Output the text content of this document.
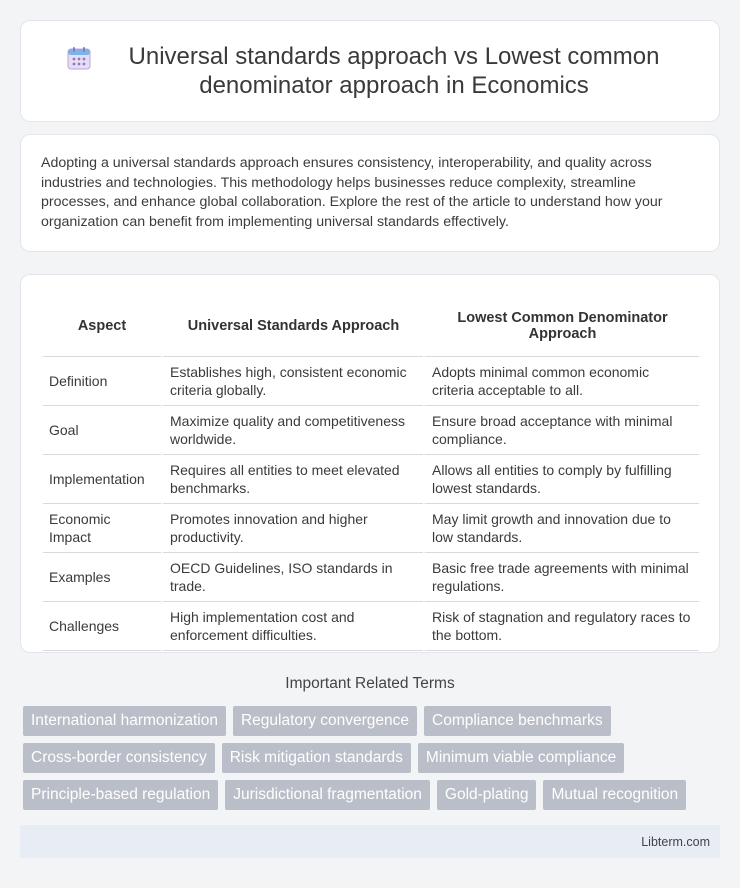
Universal standards approach vs Lowest common denominator approach in Economics

Adopting a universal standards approach ensures consistency, interoperability, and quality across industries and technologies. This methodology helps businesses reduce complexity, streamline processes, and enhance global collaboration. Explore the rest of the article to understand how your organization can benefit from implementing universal standards effectively.

Aspect	Universal Standards Approach	Lowest Common Denominator Approach
Definition	Establishes high, consistent economic criteria globally.	Adopts minimal common economic criteria acceptable to all.
Goal	Maximize quality and competitiveness worldwide.	Ensure broad acceptance with minimal compliance.
Implementation	Requires all entities to meet elevated benchmarks.	Allows all entities to comply by fulfilling lowest standards.
Economic Impact	Promotes innovation and higher productivity.	May limit growth and innovation due to low standards.
Examples	OECD Guidelines, ISO standards in trade.	Basic free trade agreements with minimal regulations.
Challenges	High implementation cost and enforcement difficulties.	Risk of stagnation and regulatory races to the bottom.
Important Related Terms
International harmonization	Regulatory convergence	Compliance benchmarks
Cross-border consistency	Risk mitigation standards	Minimum viable compliance
Principle-based regulation	Jurisdictional fragmentation	Gold-plating	Mutual recognition
Libterm.com
